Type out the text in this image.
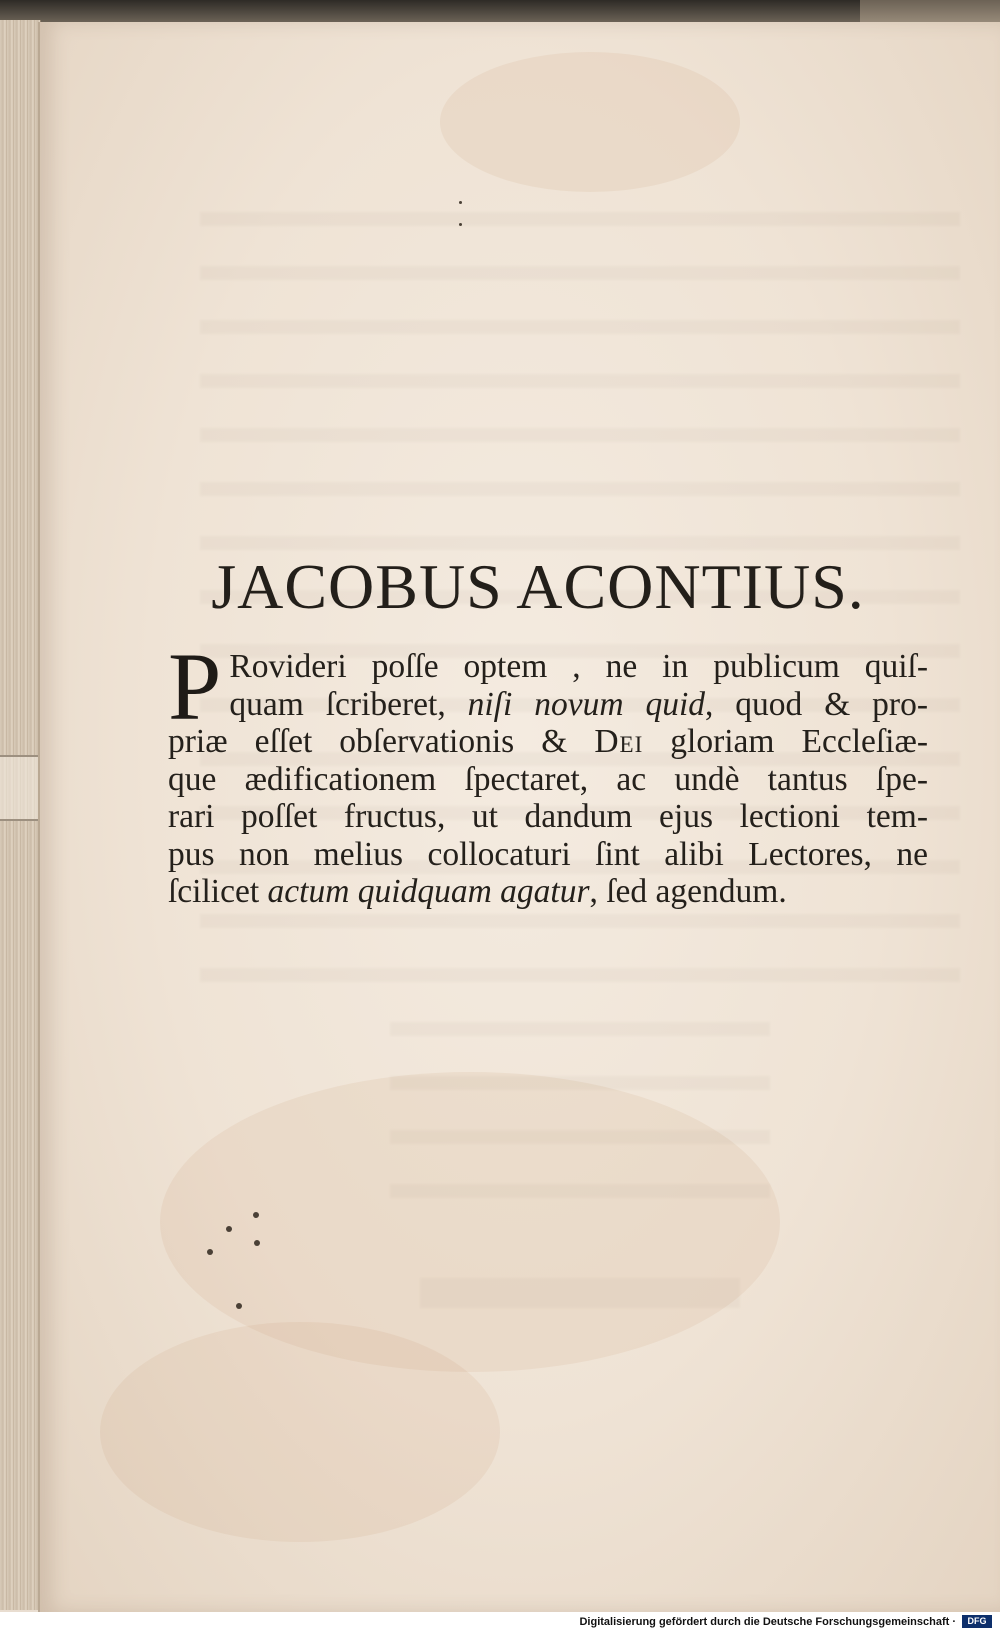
JACOBUS ACONTIUS.
P Roviderі poſſe optem , ne in publicum quiſ-
quam ſcriberet, niſi novum quid, quod & pro-
priæ eſſet obſervationis & Dei gloriam Eccleſiæ-
que ædificationem ſpectaret, ac undè tantus ſpe-
rari poſſet fructus, ut dandum ejus lectioni tem-
pus non melius collocaturi ſint alibi Lectores, ne
ſcilicet actum quidquam agatur, ſed agendum.
Digitalisierung gefördert durch die Deutsche Forschungsgemeinschaft ·	DFG
